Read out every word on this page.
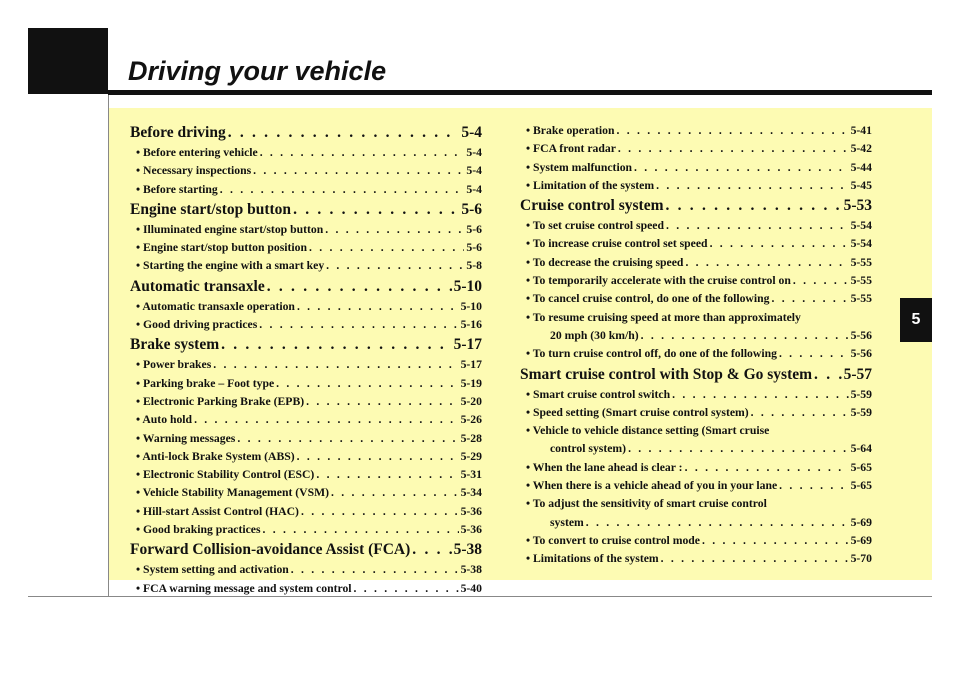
Driving your vehicle
5
Before driving . . .	5-4
• Before entering vehicle . . .	5-4
• Necessary inspections . . .	5-4
• Before starting . . .	5-4
Engine start/stop button . . .	5-6
• Illuminated engine start/stop button . . .	5-6
• Engine start/stop button position . . .	5-6
• Starting the engine with a smart key . . .	5-8
Automatic transaxle . . .	5-10
• Automatic transaxle operation . . .	5-10
• Good driving practices . . .	5-16
Brake system . . .	5-17
• Power brakes . . .	5-17
• Parking brake – Foot type . . .	5-19
• Electronic Parking Brake (EPB) . . .	5-20
• Auto hold . . .	5-26
• Warning messages . . .	5-28
• Anti-lock Brake System (ABS) . . .	5-29
• Electronic Stability Control (ESC) . . .	5-31
• Vehicle Stability Management (VSM) . . .	5-34
• Hill-start Assist Control (HAC) . . .	5-36
• Good braking practices . . .	5-36
Forward Collision-avoidance Assist (FCA) . . .	5-38
• System setting and activation . . .	5-38
• FCA warning message and system control . . .	5-40
• Brake operation . . .	5-41
• FCA front radar . . .	5-42
• System malfunction . . .	5-44
• Limitation of the system . . .	5-45
Cruise control system . . .	5-53
• To set cruise control speed . . .	5-54
• To increase cruise control set speed . . .	5-54
• To decrease the cruising speed . . .	5-55
• To temporarily accelerate with the cruise control on . . .	5-55
• To cancel cruise control, do one of the following . . .	5-55
• To resume cruising speed at more than approximately
20 mph (30 km/h) . . .	5-56
• To turn cruise control off, do one of the following . . .	5-56
Smart cruise control with Stop & Go system . . . 5-57
• Smart cruise control switch . . .	5-59
• Speed setting (Smart cruise control system) . . .	5-59
• Vehicle to vehicle distance setting (Smart cruise
control system) . . .	5-64
• When the lane ahead is clear : . . .	5-65
• When there is a vehicle ahead of you in your lane . . .	5-65
• To adjust the sensitivity of smart cruise control
system . . .	5-69
• To convert to cruise control mode . . .	5-69
• Limitations of the system . . .	5-70
